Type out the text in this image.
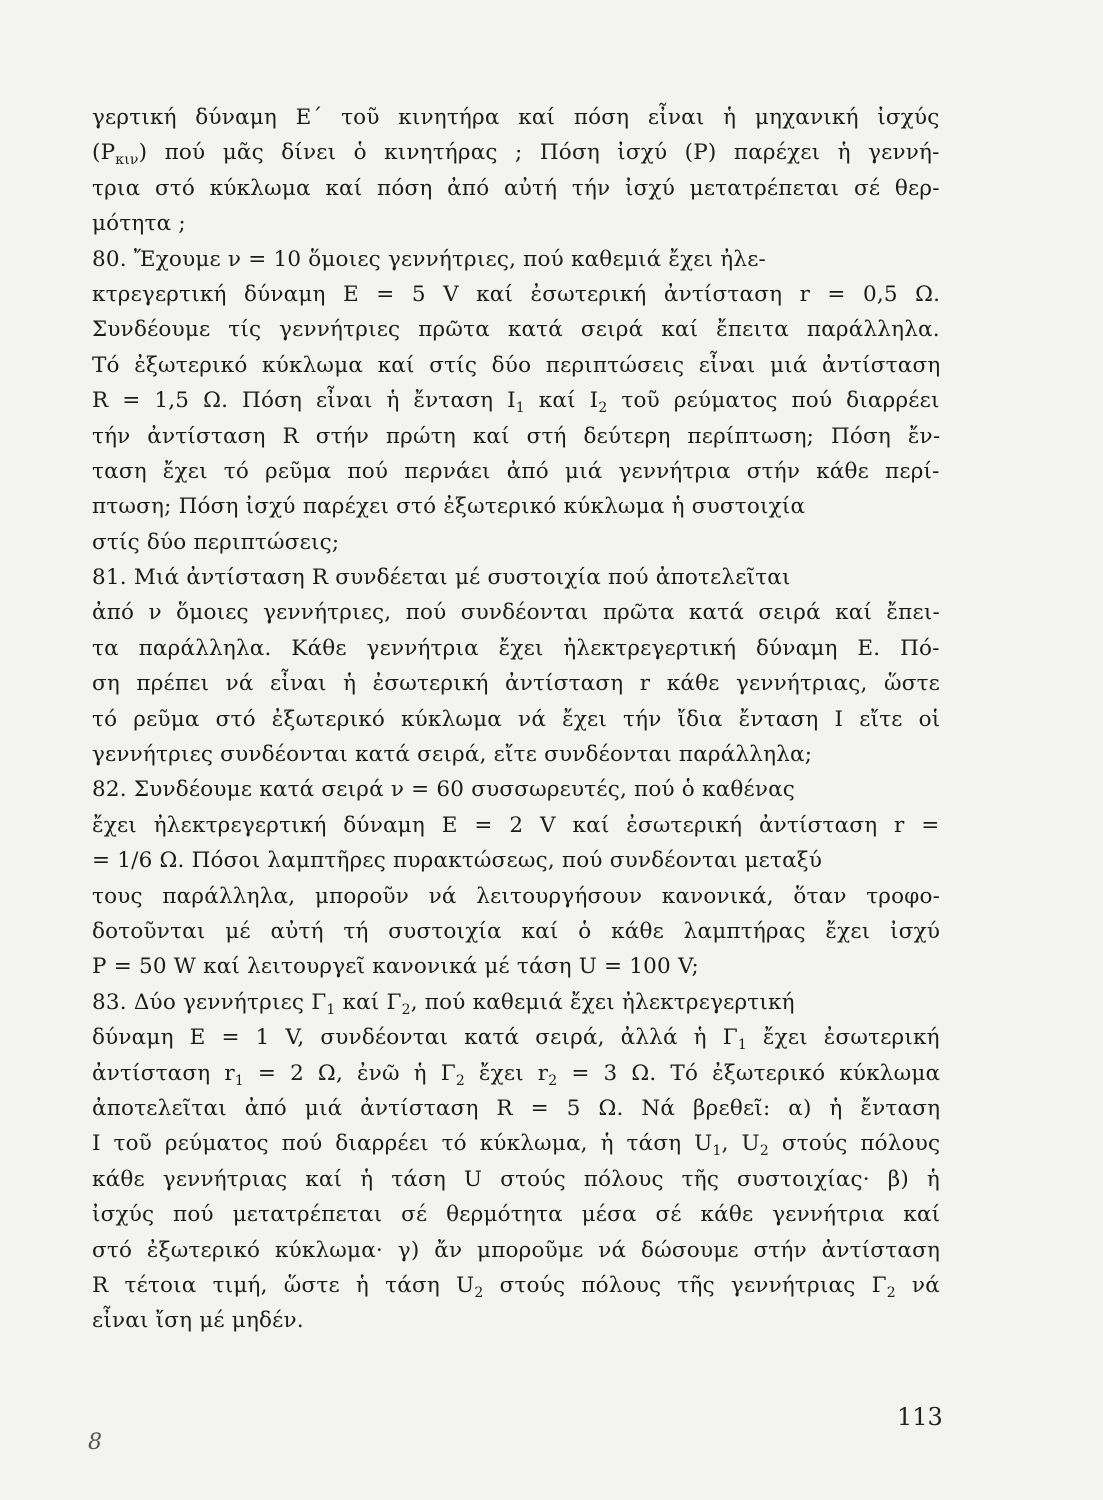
γερτική δύναμη Ε΄ τοῦ κινητήρα καί πόση εἶναι ἡ μηχανική ἰσχύς
$(P_{\kappa\iota\nu})$ πού μᾶς δίνει ὁ κινητήρας ; Πόση ἰσχύ (P) παρέχει ἡ γεννή-
τρια στό κύκλωμα καί πόση ἀπό αὐτή τήν ἰσχύ μετατρέπεται σέ θερ-
μότητα ;
80. Ἔχουμε ν = 10 ὅμοιες γεννήτριες, πού καθεμιά ἔχει ἠλε-
κτρεγερτική δύναμη E = 5 V καί ἐσωτερική ἀντίσταση r = 0,5 Ω.
Συνδέουμε τίς γεννήτριες πρῶτα κατά σειρά καί ἔπειτα παράλληλα.
Τό ἐξωτερικό κύκλωμα καί στίς δύο περιπτώσεις εἶναι μιά ἀντίσταση
R = 1,5 Ω. Πόση εἶναι ἡ ἔνταση $I_1$ καί $I_2$ τοῦ ρεύματος πού διαρρέει
τήν ἀντίσταση R στήν πρώτη καί στή δεύτερη περίπτωση; Πόση ἔν-
ταση ἔχει τό ρεῦμα πού περνάει ἀπό μιά γεννήτρια στήν κάθε περί-
πτωση; Πόση ἰσχύ παρέχει στό ἐξωτερικό κύκλωμα ἡ συστοιχία
στίς δύο περιπτώσεις;
81. Μιά ἀντίσταση R συνδέεται μέ συστοιχία πού ἀποτελεῖται
ἀπό ν ὅμοιες γεννήτριες, πού συνδέονται πρῶτα κατά σειρά καί ἔπει-
τα παράλληλα. Κάθε γεννήτρια ἔχει ἠλεκτρεγερτική δύναμη E. Πό-
ση πρέπει νά εἶναι ἡ ἐσωτερική ἀντίσταση r κάθε γεννήτριας, ὥστε
τό ρεῦμα στό ἐξωτερικό κύκλωμα νά ἔχει τήν ἴδια ἔνταση I εἴτε οἱ
γεννήτριες συνδέονται κατά σειρά, εἴτε συνδέονται παράλληλα;
82. Συνδέουμε κατά σειρά ν = 60 συσσωρευτές, πού ὁ καθένας
ἔχει ἠλεκτρεγερτική δύναμη E = 2 V καί ἐσωτερική ἀντίσταση r =
= 1/6 Ω. Πόσοι λαμπτῆρες πυρακτώσεως, πού συνδέονται μεταξύ
τους παράλληλα, μποροῦν νά λειτουργήσουν κανονικά, ὅταν τροφο-
δοτοῦνται μέ αὐτή τή συστοιχία καί ὁ κάθε λαμπτήρας ἔχει ἰσχύ
P = 50 W καί λειτουργεῖ κανονικά μέ τάση U = 100 V;
83. Δύο γεννήτριες $\Gamma_1$ καί $\Gamma_2$, πού καθεμιά ἔχει ἠλεκτρεγερτική
δύναμη E = 1 V, συνδέονται κατά σειρά, ἀλλά ἡ $\Gamma_1$ ἔχει ἐσωτερική
ἀντίσταση $r_1 = 2$ Ω, ἐνῶ ἡ $\Gamma_2$ ἔχει $r_2 = 3$ Ω. Τό ἐξωτερικό κύκλωμα
ἀποτελεῖται ἀπό μιά ἀντίσταση R = 5 Ω. Νά βρεθεῖ: α) ἡ ἔνταση
I τοῦ ρεύματος πού διαρρέει τό κύκλωμα, ἡ τάση $U_1$, $U_2$ στούς πόλους
κάθε γεννήτριας καί ἡ τάση U στούς πόλους τῆς συστοιχίας· β) ἡ
ἰσχύς πού μετατρέπεται σέ θερμότητα μέσα σέ κάθε γεννήτρια καί
στό ἐξωτερικό κύκλωμα· γ) ἄν μποροῦμε νά δώσουμε στήν ἀντίσταση
R τέτοια τιμή, ὥστε ἡ τάση $U_2$ στούς πόλους τῆς γεννήτριας $\Gamma_2$ νά
εἶναι ἴση μέ μηδέν.
8
113
